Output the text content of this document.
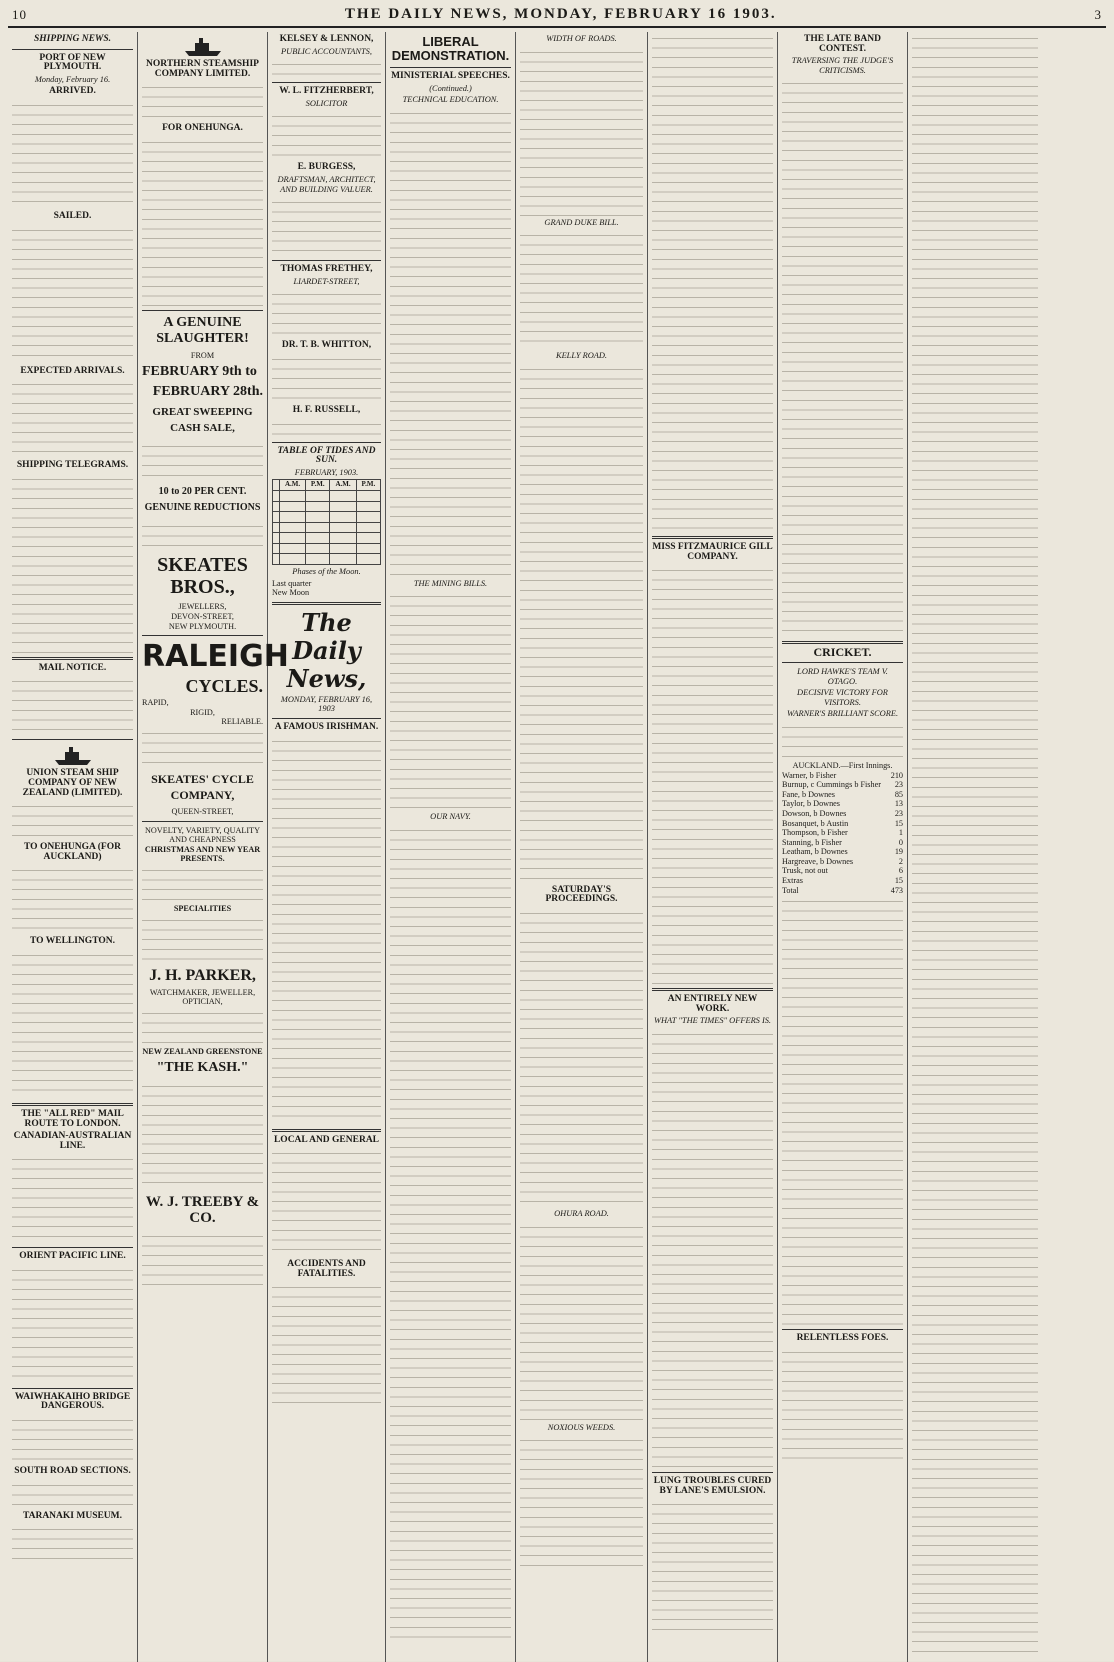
10	THE DAILY NEWS, MONDAY, FEBRUARY 16 1903.	3
SHIPPING NEWS.
PORT OF NEW PLYMOUTH.
Monday, February 16.
ARRIVED.
SAILED.
EXPECTED ARRIVALS.
SHIPPING TELEGRAMS.
MAIL NOTICE.
UNION STEAM SHIP COMPANY OF NEW ZEALAND (LIMITED).
TO ONEHUNGA (FOR AUCKLAND)
TO WELLINGTON.
THE "ALL RED" MAIL ROUTE TO LONDON.
CANADIAN-AUSTRALIAN LINE.
ORIENT PACIFIC LINE.
WAIWHAKAIHO BRIDGE DANGEROUS.
SOUTH ROAD SECTIONS.
TARANAKI MUSEUM.
NORTHERN STEAMSHIP COMPANY LIMITED.
FOR ONEHUNGA.
A GENUINE SLAUGHTER!
FROM
FEBRUARY 9th to
FEBRUARY 28th.
GREAT SWEEPING CASH SALE,
10 to 20 PER CENT. GENUINE REDUCTIONS
SKEATES BROS.,
JEWELLERS,
DEVON-STREET,
NEW PLYMOUTH.
RALEIGH
CYCLES.
RAPID,
RIGID,
RELIABLE.
SKEATES' CYCLE COMPANY,
QUEEN-STREET,
NOVELTY, VARIETY, QUALITY
AND CHEAPNESS
CHRISTMAS AND NEW YEAR PRESENTS.
SPECIALITIES
J. H. PARKER,
WATCHMAKER, JEWELLER,
OPTICIAN,
NEW ZEALAND GREENSTONE
"THE KASH."
W. J. TREEBY & CO.
KELSEY & LENNON,
PUBLIC ACCOUNTANTS,
W. L. FITZHERBERT,
SOLICITOR
E. BURGESS,
DRAFTSMAN, ARCHITECT, AND BUILDING VALUER.
THOMAS FRETHEY,
LIARDET-STREET,
DR. T. B. WHITTON,
H. F. RUSSELL,
TABLE OF TIDES AND SUN.
FEBRUARY, 1903.
	A.M.	P.M.	A.M.	P.M.

Phases of the Moon.
Last quarter
New Moon
The Daily News,
MONDAY, FEBRUARY 16, 1903
A FAMOUS IRISHMAN.
LOCAL AND GENERAL
ACCIDENTS AND FATALITIES.
LIBERAL DEMONSTRATION.
MINISTERIAL SPEECHES.
(Continued.)
TECHNICAL EDUCATION.
THE MINING BILLS.
OUR NAVY.
WIDTH OF ROADS.
GRAND DUKE BILL.
KELLY ROAD.
SATURDAY'S PROCEEDINGS.
OHURA ROAD.
NOXIOUS WEEDS.
MISS FITZMAURICE GILL COMPANY.
AN ENTIRELY NEW WORK.
WHAT "THE TIMES" OFFERS IS.
LUNG TROUBLES CURED BY LANE'S EMULSION.
THE LATE BAND CONTEST.
TRAVERSING THE JUDGE'S CRITICISMS.
CRICKET.
LORD HAWKE'S TEAM V. OTAGO.
DECISIVE VICTORY FOR VISITORS.
WARNER'S BRILLIANT SCORE.
AUCKLAND.—First Innings.
Warner, b Fisher	210
Burnup, c Cummings b Fisher 23
Fane, b Downes	85
Taylor, b Downes	13
Dowson, b Downes	23
Bosanquet, b Austin	15
Thompson, b Fisher	1
Stanning, b Fisher	0
Leatham, b Downes	19
Hargreave, b Downes	2
Trusk, not out	6
Extras	15
Total	473
RELENTLESS FOES.
